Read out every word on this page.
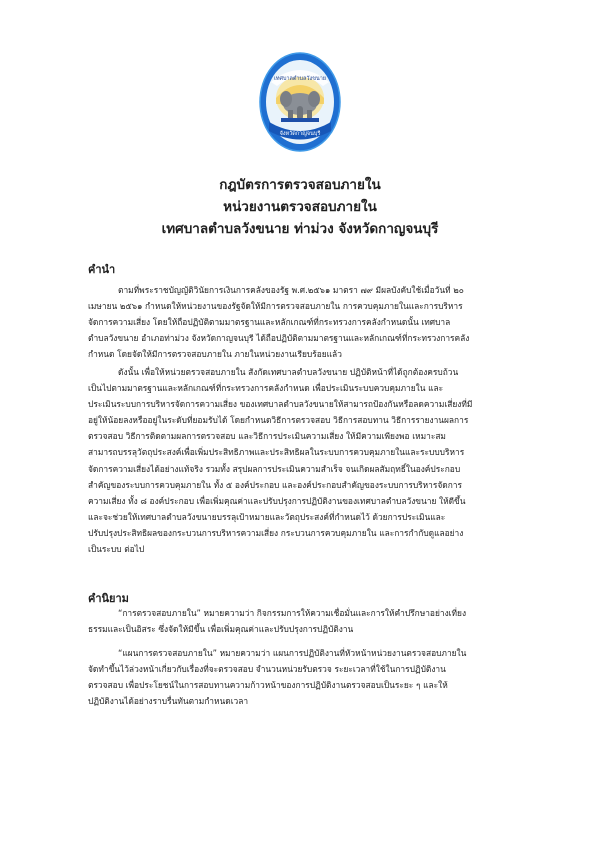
จังหวัดกาญจนบุรี
เทศบาลตำบลวังขนาย
กฎบัตรการตรวจสอบภายใน
หน่วยงานตรวจสอบภายใน
เทศบาลตำบลวังขนาย ท่าม่วง จังหวัดกาญจนบุรี
คำนำ
ตามที่พระราชบัญญัติวินัยการเงินการคลังของรัฐ พ.ศ.๒๕๖๑ มาตรา ๗๙ มีผลบังคับใช้เมื่อวันที่ ๒๐
เมษายน ๒๕๖๑ กำหนดให้หน่วยงานของรัฐจัดให้มีการตรวจสอบภายใน การควบคุมภายในและการบริหาร
จัดการความเสี่ยง โดยให้ถือปฏิบัติตามมาตรฐานและหลักเกณฑ์ที่กระทรวงการคลังกำหนดนั้น เทศบาล
ตำบลวังขนาย อำเภอท่าม่วง จังหวัดกาญจนบุรี ได้ถือปฏิบัติตามมาตรฐานและหลักเกณฑ์ที่กระทรวงการคลัง
กำหนด โดยจัดให้มีการตรวจสอบภายใน ภายในหน่วยงานเรียบร้อยแล้ว
ดังนั้น เพื่อให้หน่วยตรวจสอบภายใน สังกัดเทศบาลตำบลวังขนาย ปฏิบัติหน้าที่ได้ถูกต้องครบถ้วน
เป็นไปตามมาตรฐานและหลักเกณฑ์ที่กระทรวงการคลังกำหนด เพื่อประเมินระบบควบคุมภายใน และ
ประเมินระบบการบริหารจัดการความเสี่ยง ของเทศบาลตำบลวังขนายให้สามารถป้องกันหรือลดความเสี่ยงที่มี
อยู่ให้น้อยลงหรืออยู่ในระดับที่ยอมรับได้ โดยกำหนดวิธีการตรวจสอบ วิธีการสอบทาน วิธีการรายงานผลการ
ตรวจสอบ วิธีการติดตามผลการตรวจสอบ และวิธีการประเมินความเสี่ยง ให้มีความเพียงพอ เหมาะสม
สามารถบรรลุวัตถุประสงค์เพื่อเพิ่มประสิทธิภาพและประสิทธิผลในระบบการควบคุมภายในและระบบบริหาร
จัดการความเสี่ยงได้อย่างแท้จริง รวมทั้ง สรุปผลการประเมินความสำเร็จ จนเกิดผลสัมฤทธิ์ในองค์ประกอบ
สำคัญของระบบการควบคุมภายใน ทั้ง ๕ องค์ประกอบ และองค์ประกอบสำคัญของระบบการบริหารจัดการ
ความเสี่ยง ทั้ง ๘ องค์ประกอบ เพื่อเพิ่มคุณค่าและปรับปรุงการปฏิบัติงานของเทศบาลตำบลวังขนาย ให้ดีขึ้น
และจะช่วยให้เทศบาลตำบลวังขนายบรรลุเป้าหมายและวัตถุประสงค์ที่กำหนดไว้ ด้วยการประเมินและ
ปรับปรุงประสิทธิผลของกระบวนการบริหารความเสี่ยง กระบวนการควบคุมภายใน และการกำกับดูแลอย่าง
เป็นระบบ ต่อไป
คำนิยาม
“การตรวจสอบภายใน” หมายความว่า กิจกรรมการให้ความเชื่อมั่นและการให้คำปรึกษาอย่างเที่ยง
ธรรมและเป็นอิสระ ซึ่งจัดให้มีขึ้น เพื่อเพิ่มคุณค่าและปรับปรุงการปฏิบัติงาน
“แผนการตรวจสอบภายใน” หมายความว่า แผนการปฏิบัติงานที่หัวหน้าหน่วยงานตรวจสอบภายใน
จัดทำขึ้นไว้ล่วงหน้าเกี่ยวกับเรื่องที่จะตรวจสอบ จำนวนหน่วยรับตรวจ ระยะเวลาที่ใช้ในการปฏิบัติงาน
ตรวจสอบ เพื่อประโยชน์ในการสอบทานความก้าวหน้าของการปฏิบัติงานตรวจสอบเป็นระยะ ๆ และให้
ปฏิบัติงานได้อย่างราบรื่นทันตามกำหนดเวลา
